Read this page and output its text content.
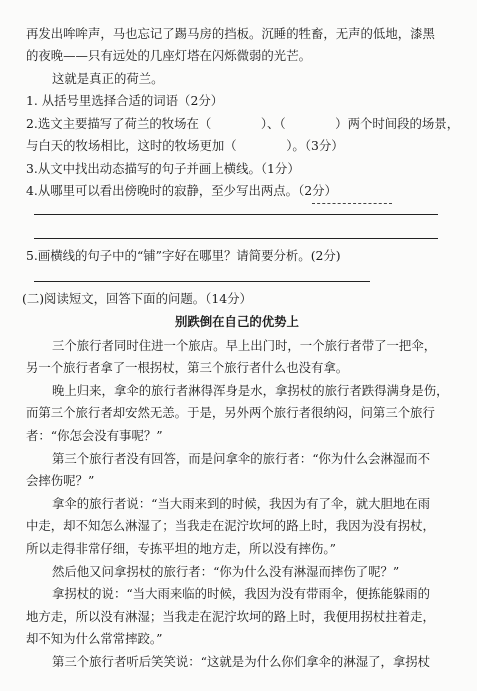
再发出哞哞声，马也忘记了踢马房的挡板。沉睡的牲畜，无声的低地，漆黑
的夜晚——只有远处的几座灯塔在闪烁微弱的光芒。
这就是真正的荷兰。
1. 从括号里选择合适的词语（2分）
2.选文主要描写了荷兰的牧场在（　　　　）、（　　　　）两个时间段的场景，
与白天的牧场相比，这时的牧场更加（　　　　）。（3分）
3.从文中找出动态描写的句子并画上横线。（1分）
4.从哪里可以看出傍晚时的寂静，至少写出两点。（2分）
5.画横线的句子中的“铺”字好在哪里？请简要分析。(2分)
(二)阅读短文，回答下面的问题。（14分）
别跌倒在自己的优势上
三个旅行者同时住进一个旅店。早上出门时，一个旅行者带了一把伞，
另一个旅行者拿了一根拐杖，第三个旅行者什么也没有拿。
晚上归来，拿伞的旅行者淋得浑身是水，拿拐杖的旅行者跌得满身是伤，
而第三个旅行者却安然无恙。于是，另外两个旅行者很纳闷，问第三个旅行
者：“你怎会没有事呢？”
第三个旅行者没有回答，而是问拿伞的旅行者：“你为什么会淋湿而不
会摔伤呢？”
拿伞的旅行者说：“当大雨来到的时候，我因为有了伞，就大胆地在雨
中走，却不知怎么淋湿了；当我走在泥泞坎坷的路上时，我因为没有拐杖，
所以走得非常仔细，专拣平坦的地方走，所以没有摔伤。”
然后他又问拿拐杖的旅行者：“你为什么没有淋湿而摔伤了呢？”
拿拐杖的说：“当大雨来临的时候，我因为没有带雨伞，便拣能躲雨的
地方走，所以没有淋湿；当我走在泥泞坎坷的路上时，我便用拐杖拄着走，
却不知为什么常常摔跤。”
第三个旅行者听后笑笑说：“这就是为什么你们拿伞的淋湿了，拿拐杖
